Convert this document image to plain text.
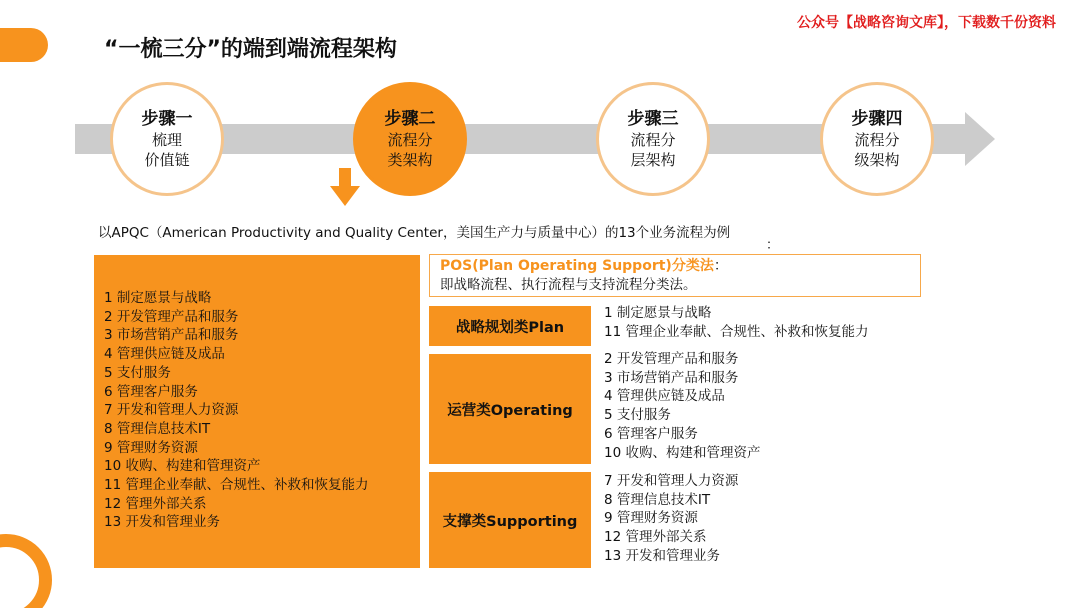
“一梳三分”的端到端流程架构
公众号【战略咨询文库】，下载数千份资料
步骤一
梳理
价值链
步骤二
流程分
类架构
步骤三
流程分
层架构
步骤四
流程分
级架构
以APQC（American Productivity and Quality Center，美国生产力与质量中心）的13个业务流程为例
：
1 制定愿景与战略
2 开发管理产品和服务
3 市场营销产品和服务
4 管理供应链及成品
5 支付服务
6 管理客户服务
7 开发和管理人力资源
8 管理信息技术IT
9 管理财务资源
10 收购、构建和管理资产
11 管理企业奉献、合规性、补救和恢复能力
12 管理外部关系
13 开发和管理业务
POS(Plan Operating Support)分类法：
即战略流程、执行流程与支持流程分类法。
战略规划类Plan
运营类Operating
支撑类Supporting
1 制定愿景与战略
11 管理企业奉献、合规性、补救和恢复能力
2 开发管理产品和服务
3 市场营销产品和服务
4 管理供应链及成品
5 支付服务
6 管理客户服务
10 收购、构建和管理资产
7 开发和管理人力资源
8 管理信息技术IT
9 管理财务资源
12 管理外部关系
13 开发和管理业务
